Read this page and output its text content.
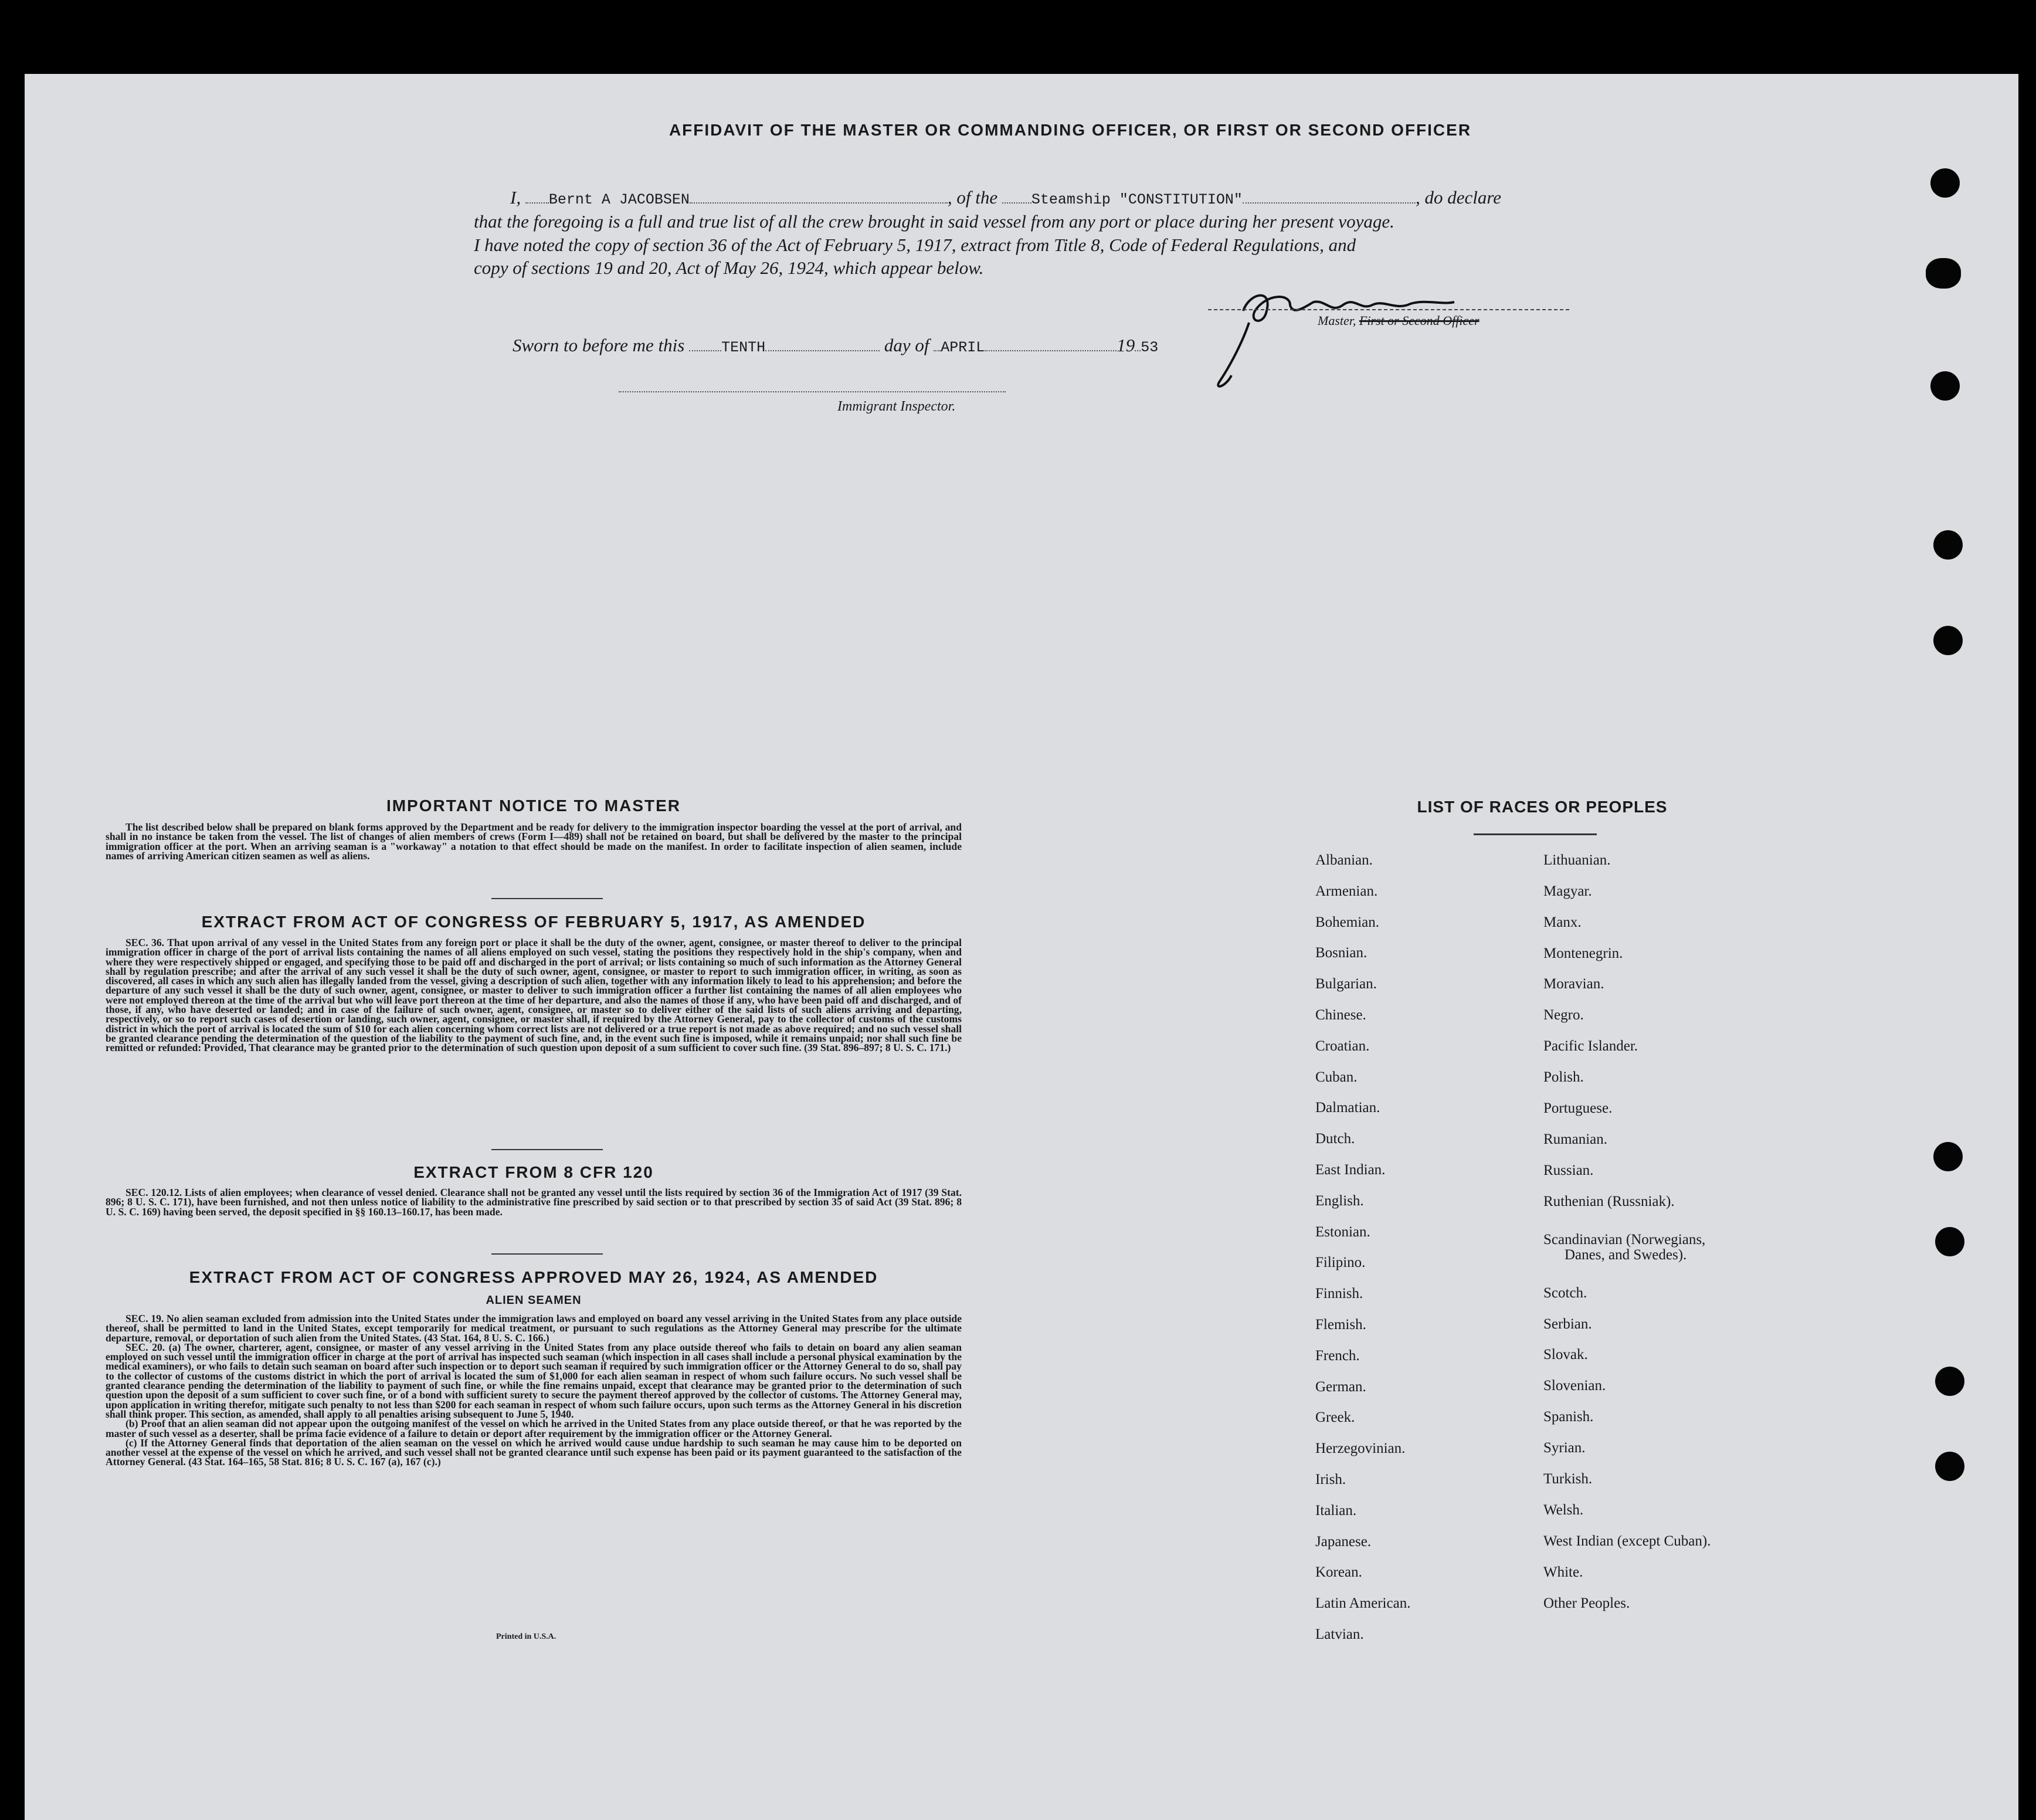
AFFIDAVIT OF THE MASTER OR COMMANDING OFFICER, OR FIRST OR SECOND OFFICER
I, Bernt A JACOBSEN	, of the Steamship "CONSTITUTION"	, do declare
that the foregoing is a full and true list of all the crew brought in said vessel from any port or place during her present voyage.
I have noted the copy of section 36 of the Act of February 5, 1917, extract from Title 8, Code of Federal Regulations, and
copy of sections 19 and 20, Act of May 26, 1924, which appear below.
Master, First or Second Officer
Sworn to before me this	TENTH	day of APRIL	19 53
Immigrant Inspector.
IMPORTANT NOTICE TO MASTER

The list described below shall be prepared on blank forms approved by the Department and be ready for delivery to the immigration inspector boarding the vessel at the port of arrival, and shall in no instance be taken from the vessel. The list of changes of alien members of crews (Form I—489) shall not be retained on board, but shall be delivered by the master to the principal immigration officer at the port. When an arriving seaman is a "workaway" a notation to that effect should be made on the manifest. In order to facilitate inspection of alien seamen, include names of arriving American citizen seamen as well as aliens.

EXTRACT FROM ACT OF CONGRESS OF FEBRUARY 5, 1917, AS AMENDED

SEC. 36. That upon arrival of any vessel in the United States from any foreign port or place it shall be the duty of the owner, agent, consignee, or master thereof to deliver to the principal immigration officer in charge of the port of arrival lists containing the names of all aliens employed on such vessel, stating the positions they respectively hold in the ship's company, when and where they were respectively shipped or engaged, and specifying those to be paid off and discharged in the port of arrival; or lists containing so much of such information as the Attorney General shall by regulation prescribe; and after the arrival of any such vessel it shall be the duty of such owner, agent, consignee, or master to report to such immigration officer, in writing, as soon as discovered, all cases in which any such alien has illegally landed from the vessel, giving a description of such alien, together with any information likely to lead to his apprehension; and before the departure of any such vessel it shall be the duty of such owner, agent, consignee, or master to deliver to such immigration officer a further list containing the names of all alien employees who were not employed thereon at the time of the arrival but who will leave port thereon at the time of her departure, and also the names of those if any, who have been paid off and discharged, and of those, if any, who have deserted or landed; and in case of the failure of such owner, agent, consignee, or master so to deliver either of the said lists of such aliens arriving and departing, respectively, or so to report such cases of desertion or landing, such owner, agent, consignee, or master shall, if required by the Attorney General, pay to the collector of customs of the customs district in which the port of arrival is located the sum of $10 for each alien concerning whom correct lists are not delivered or a true report is not made as above required; and no such vessel shall be granted clearance pending the determination of the question of the liability to the payment of such fine, and, in the event such fine is imposed, while it remains unpaid; nor shall such fine be remitted or refunded: Provided, That clearance may be granted prior to the determination of such question upon deposit of a sum sufficient to cover such fine. (39 Stat. 896–897; 8 U. S. C. 171.)

EXTRACT FROM 8 CFR 120

SEC. 120.12. Lists of alien employees; when clearance of vessel denied. Clearance shall not be granted any vessel until the lists required by section 36 of the Immigration Act of 1917 (39 Stat. 896; 8 U. S. C. 171), have been furnished, and not then unless notice of liability to the administrative fine prescribed by said section or to that prescribed by section 35 of said Act (39 Stat. 896; 8 U. S. C. 169) having been served, the deposit specified in §§ 160.13–160.17, has been made.

EXTRACT FROM ACT OF CONGRESS APPROVED MAY 26, 1924, AS AMENDED
ALIEN SEAMEN

SEC. 19. No alien seaman excluded from admission into the United States under the immigration laws and employed on board any vessel arriving in the United States from any place outside thereof, shall be permitted to land in the United States, except temporarily for medical treatment, or pursuant to such regulations as the Attorney General may prescribe for the ultimate departure, removal, or deportation of such alien from the United States. (43 Stat. 164, 8 U. S. C. 166.)

SEC. 20. (a) The owner, charterer, agent, consignee, or master of any vessel arriving in the United States from any place outside thereof who fails to detain on board any alien seaman employed on such vessel until the immigration officer in charge at the port of arrival has inspected such seaman (which inspection in all cases shall include a personal physical examination by the medical examiners), or who fails to detain such seaman on board after such inspection or to deport such seaman if required by such immigration officer or the Attorney General to do so, shall pay to the collector of customs of the customs district in which the port of arrival is located the sum of $1,000 for each alien seaman in respect of whom such failure occurs. No such vessel shall be granted clearance pending the determination of the liability to payment of such fine, or while the fine remains unpaid, except that clearance may be granted prior to the determination of such question upon the deposit of a sum sufficient to cover such fine, or of a bond with sufficient surety to secure the payment thereof approved by the collector of customs. The Attorney General may, upon application in writing therefor, mitigate such penalty to not less than $200 for each seaman in respect of whom such failure occurs, upon such terms as the Attorney General in his discretion shall think proper. This section, as amended, shall apply to all penalties arising subsequent to June 5, 1940.

(b) Proof that an alien seaman did not appear upon the outgoing manifest of the vessel on which he arrived in the United States from any place outside thereof, or that he was reported by the master of such vessel as a deserter, shall be prima facie evidence of a failure to detain or deport after requirement by the immigration officer or the Attorney General.

(c) If the Attorney General finds that deportation of the alien seaman on the vessel on which he arrived would cause undue hardship to such seaman he may cause him to be deported on another vessel at the expense of the vessel on which he arrived, and such vessel shall not be granted clearance until such expense has been paid or its payment guaranteed to the satisfaction of the Attorney General. (43 Stat. 164–165, 58 Stat. 816; 8 U. S. C. 167 (a), 167 (c).)

Printed in U.S.A.
LIST OF RACES OR PEOPLES
Albanian.
Armenian.
Bohemian.
Bosnian.
Bulgarian.
Chinese.
Croatian.
Cuban.
Dalmatian.
Dutch.
East Indian.
English.
Estonian.
Filipino.
Finnish.
Flemish.
French.
German.
Greek.
Herzegovinian.
Irish.
Italian.
Japanese.
Korean.
Latin American.
Latvian.
Lithuanian.
Magyar.
Manx.
Montenegrin.
Moravian.
Negro.
Pacific Islander.
Polish.
Portuguese.
Rumanian.
Russian.
Ruthenian (Russniak).
Scandinavian (Norwegians,
Danes, and Swedes).
Scotch.
Serbian.
Slovak.
Slovenian.
Spanish.
Syrian.
Turkish.
Welsh.
West Indian (except Cuban).
White.
Other Peoples.
